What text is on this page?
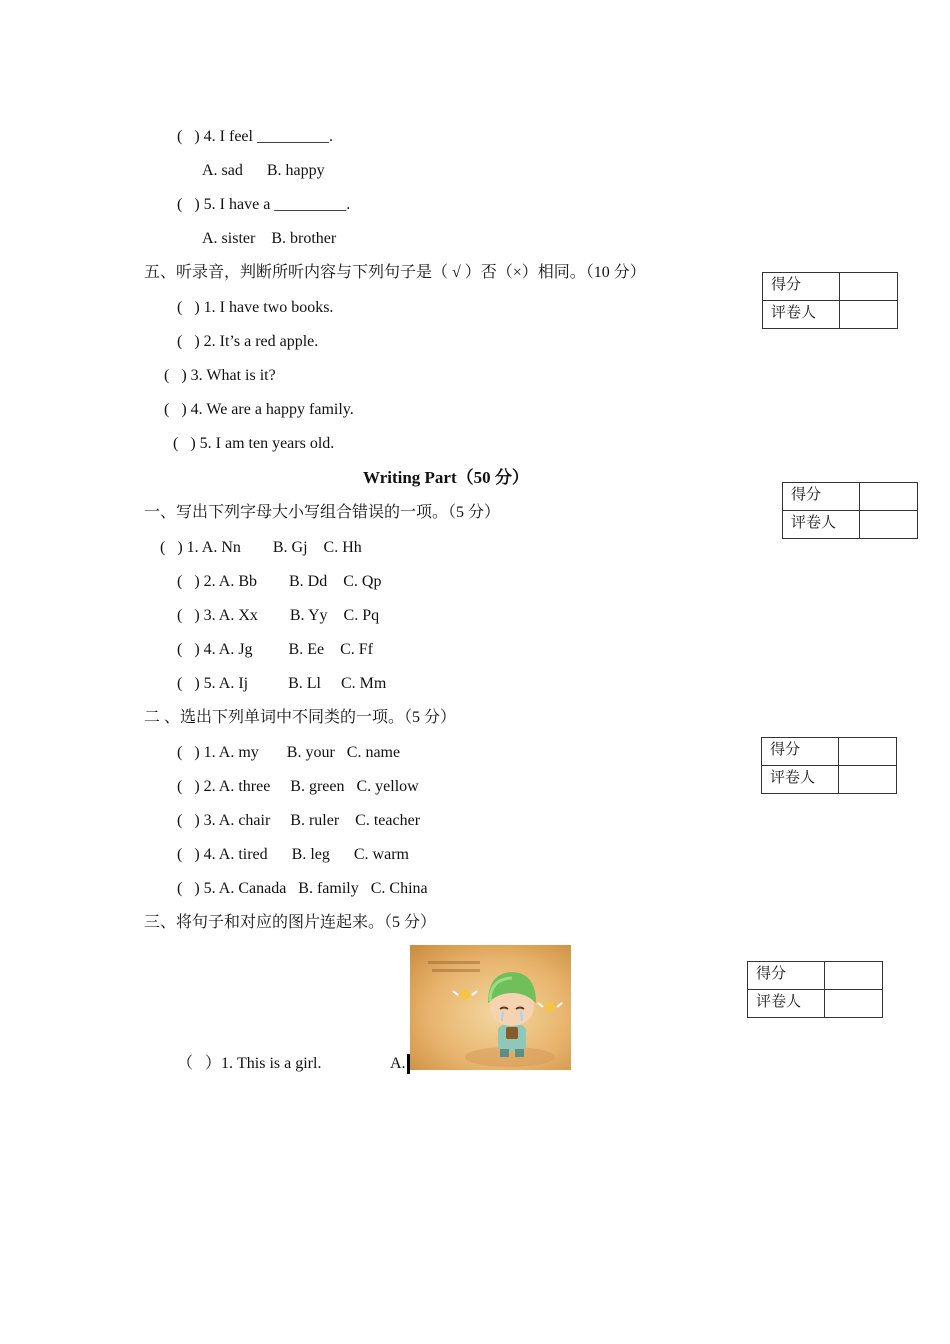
(   ) 4. I feel _________.
A. sad      B. happy
(   ) 5. I have a _________.
A. sister    B. brother
五、听录音，判断所听内容与下列句子是（ √ ）否（×）相同。（10 分）
(   ) 1. I have two books.
(   ) 2. It’s a red apple.
(   ) 3. What is it?
(   ) 4. We are a happy family.
(   ) 5. I am ten years old.
得分	
评卷人	
Writing Part（50 分）
得分	
评卷人	
一、写出下列字母大小写组合错误的一项。（5 分）
(   ) 1. A. Nn        B. Gj    C. Hh
(   ) 2. A. Bb        B. Dd    C. Qp
(   ) 3. A. Xx        B. Yy    C. Pq
(   ) 4. A. Jg         B. Ee    C. Ff
(   ) 5. A. Ij          B. Ll     C. Mm
二 、选出下列单词中不同类的一项。（5 分）
得分	
评卷人	
(   ) 1. A. my       B. your   C. name
(   ) 2. A. three     B. green   C. yellow
(   ) 3. A. chair     B. ruler    C. teacher
(   ) 4. A. tired      B. leg      C. warm
(   ) 5. A. Canada   B. family   C. China
三、将句子和对应的图片连起来。（5 分）
得分	
评卷人	
（   ）1. This is a girl.	A.
